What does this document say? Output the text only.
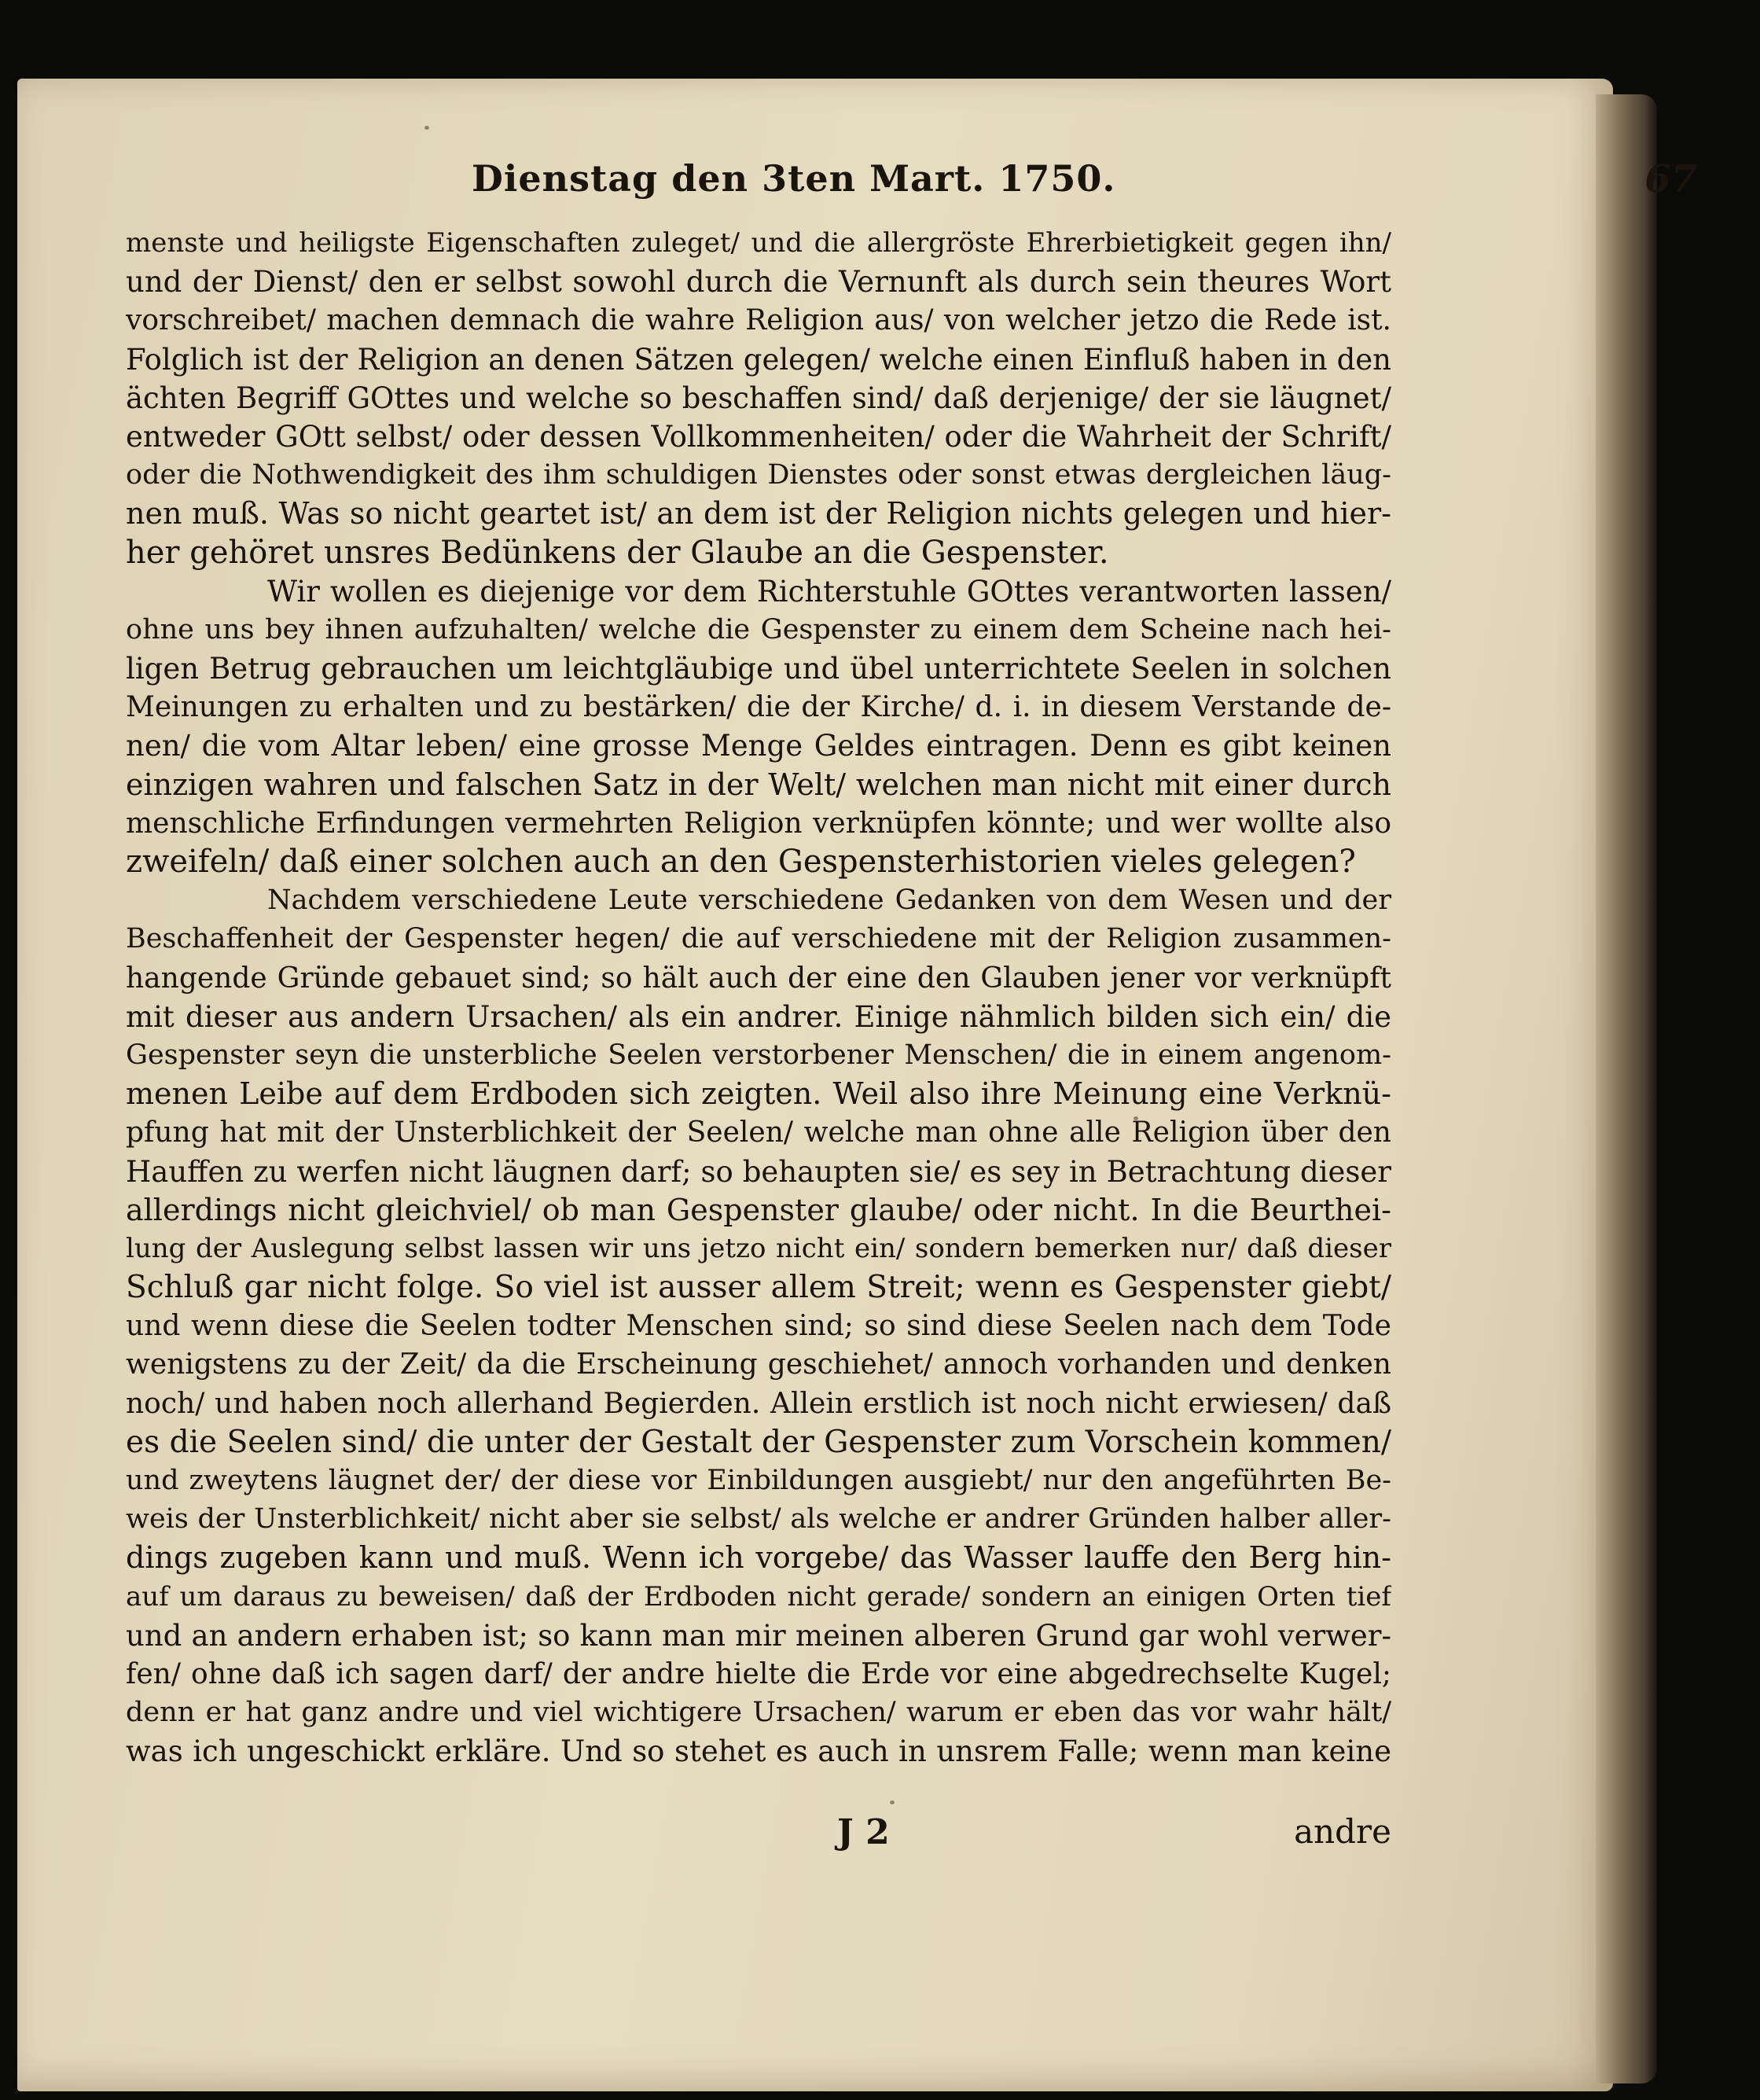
Dienstag den 3ten Mart. 1750.	67
menste und heiligste Eigenschaften zuleget/ und die allergröste Ehrerbietigkeit gegen ihn/
und der Dienst/ den er selbst sowohl durch die Vernunft als durch sein theures Wort
vorschreibet/ machen demnach die wahre Religion aus/ von welcher jetzo die Rede ist.
Folglich ist der Religion an denen Sätzen gelegen/ welche einen Einfluß haben in den
ächten Begriff GOttes und welche so beschaffen sind/ daß derjenige/ der sie läugnet/
entweder GOtt selbst/ oder dessen Vollkommenheiten/ oder die Wahrheit der Schrift/
oder die Nothwendigkeit des ihm schuldigen Dienstes oder sonst etwas dergleichen läug-
nen muß. Was so nicht geartet ist/ an dem ist der Religion nichts gelegen und hier-
her gehöret unsres Bedünkens der Glaube an die Gespenster.
Wir wollen es diejenige vor dem Richterstuhle GOttes verantworten lassen/
ohne uns bey ihnen aufzuhalten/ welche die Gespenster zu einem dem Scheine nach hei-
ligen Betrug gebrauchen um leichtgläubige und übel unterrichtete Seelen in solchen
Meinungen zu erhalten und zu bestärken/ die der Kirche/ d. i. in diesem Verstande de-
nen/ die vom Altar leben/ eine grosse Menge Geldes eintragen. Denn es gibt keinen
einzigen wahren und falschen Satz in der Welt/ welchen man nicht mit einer durch
menschliche Erfindungen vermehrten Religion verknüpfen könnte; und wer wollte also
zweifeln/ daß einer solchen auch an den Gespensterhistorien vieles gelegen?
Nachdem verschiedene Leute verschiedene Gedanken von dem Wesen und der
Beschaffenheit der Gespenster hegen/ die auf verschiedene mit der Religion zusammen-
hangende Gründe gebauet sind; so hält auch der eine den Glauben jener vor verknüpft
mit dieser aus andern Ursachen/ als ein andrer. Einige nähmlich bilden sich ein/ die
Gespenster seyn die unsterbliche Seelen verstorbener Menschen/ die in einem angenom-
menen Leibe auf dem Erdboden sich zeigten. Weil also ihre Meinung eine Verknü-
pfung hat mit der Unsterblichkeit der Seelen/ welche man ohne alle Religion über den
Hauffen zu werfen nicht läugnen darf; so behaupten sie/ es sey in Betrachtung dieser
allerdings nicht gleichviel/ ob man Gespenster glaube/ oder nicht. In die Beurthei-
lung der Auslegung selbst lassen wir uns jetzo nicht ein/ sondern bemerken nur/ daß dieser
Schluß gar nicht folge. So viel ist ausser allem Streit; wenn es Gespenster giebt/
und wenn diese die Seelen todter Menschen sind; so sind diese Seelen nach dem Tode
wenigstens zu der Zeit/ da die Erscheinung geschiehet/ annoch vorhanden und denken
noch/ und haben noch allerhand Begierden. Allein erstlich ist noch nicht erwiesen/ daß
es die Seelen sind/ die unter der Gestalt der Gespenster zum Vorschein kommen/
und zweytens läugnet der/ der diese vor Einbildungen ausgiebt/ nur den angeführten Be-
weis der Unsterblichkeit/ nicht aber sie selbst/ als welche er andrer Gründen halber aller-
dings zugeben kann und muß. Wenn ich vorgebe/ das Wasser lauffe den Berg hin-
auf um daraus zu beweisen/ daß der Erdboden nicht gerade/ sondern an einigen Orten tief
und an andern erhaben ist; so kann man mir meinen alberen Grund gar wohl verwer-
fen/ ohne daß ich sagen darf/ der andre hielte die Erde vor eine abgedrechselte Kugel;
denn er hat ganz andre und viel wichtigere Ursachen/ warum er eben das vor wahr hält/
was ich ungeschickt erkläre. Und so stehet es auch in unsrem Falle; wenn man keine
J 2	andre
